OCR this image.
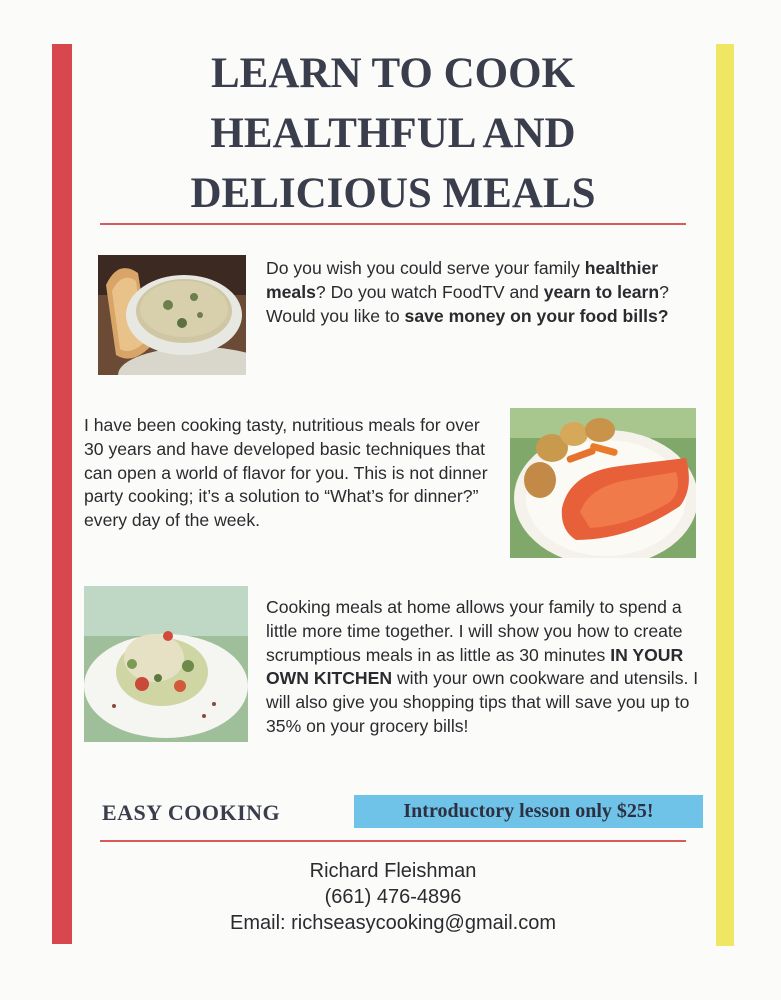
LEARN TO COOK
HEALTHFUL AND
DELICIOUS MEALS
Do you wish you could serve your family healthier meals? Do you watch FoodTV and yearn to learn? Would you like to save money on your food bills?
I have been cooking tasty, nutritious meals for over 30 years and have developed basic techniques that can open a world of flavor for you. This is not dinner party cooking; it’s a solution to “What’s for dinner?” every day of the week.
Cooking meals at home allows your family to spend a little more time together. I will show you how to create scrumptious meals in as little as 30 minutes IN YOUR OWN KITCHEN with your own cookware and utensils. I will also give you shopping tips that will save you up to 35% on your grocery bills!
EASY COOKING	Introductory lesson only $25!
Richard Fleishman
(661) 476-4896
Email: richseasycooking@gmail.com
